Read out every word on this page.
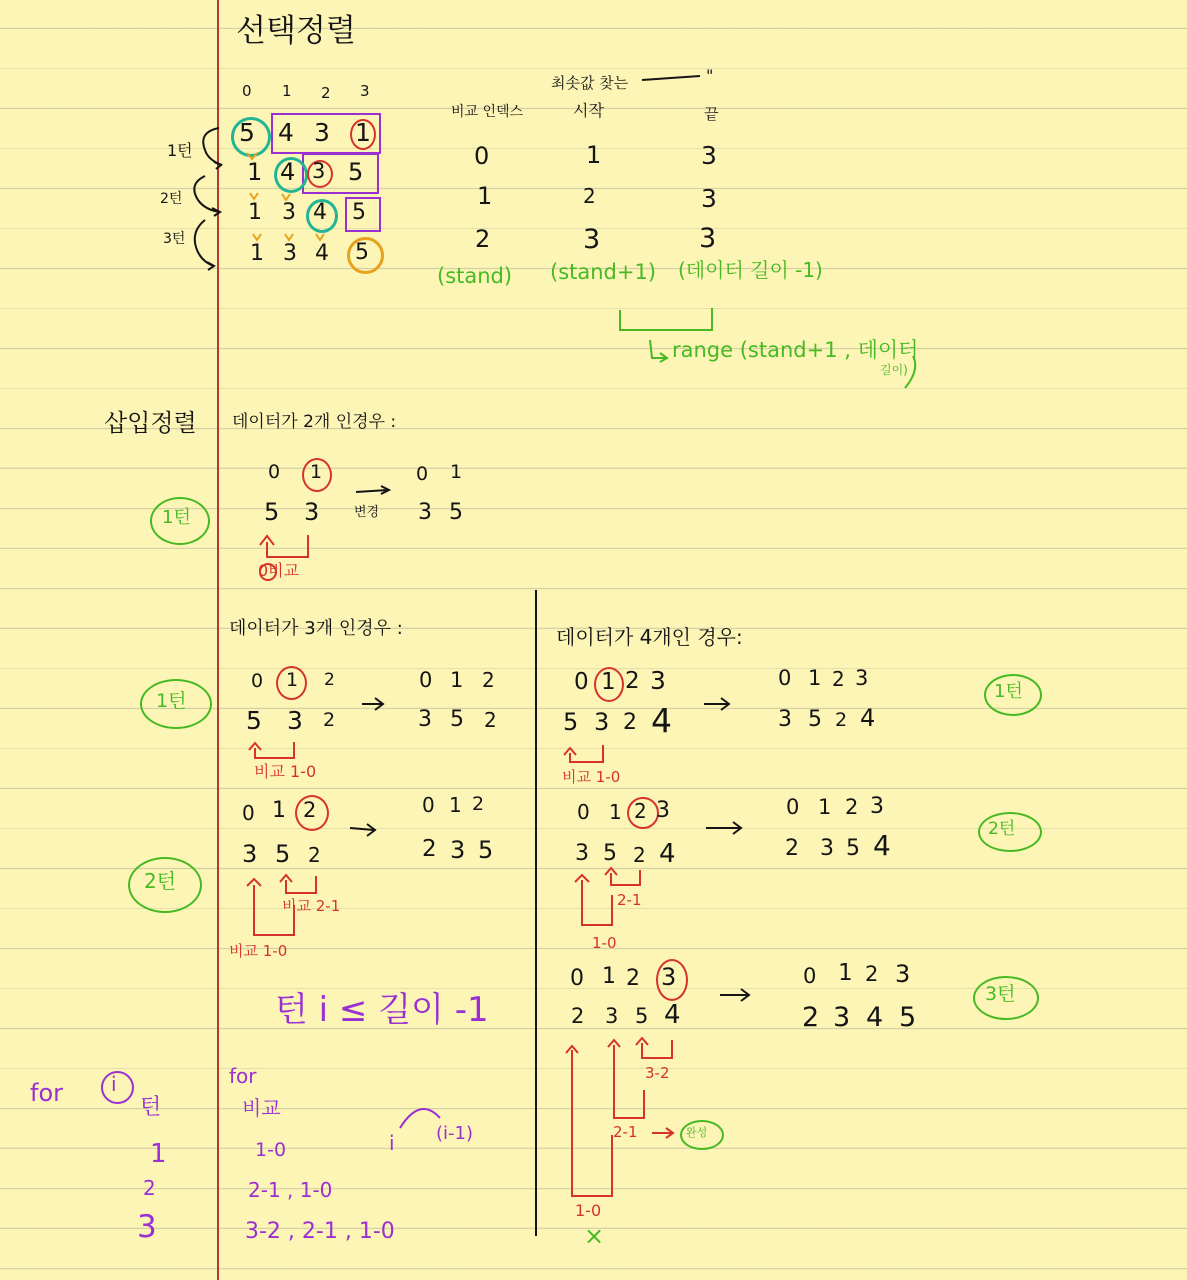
선택정렬
0 1 2 3
5 4 3 1
1 4 3 5
1 3 4 5
1 3 4 5
1턴
2턴
3턴
최솟값 찾는	"
비교 인덱스	시작	끝
0	1	3
1	2	3
2	3	3
(stand) (stand+1) (데이터 길이 -1)
range (stand+1 , 데이터
길이)
삽입정렬 데이터가 2개 인경우 :
0 1
5 3	변경
0 1
3 5
0비교
1턴
데이터가 3개 인경우 :
0 1 2
5 3 2
0 1 2
3 5 2
비교 1-0
0 1 2
3 5 2
0 1 2
2 3 5
비교 2-1
비교 1-0
1턴
2턴
턴 i ≤ 길이 -1
데이터가 4개인 경우:
0 1 2 3
5 3 2 4
0 1 2 3
3 5 2 4
비교 1-0
0 1 2 3
3 5 2 4
0 1 2 3
2 3 5 4
2-1
1-0
0 1 2 3
2 3 5 4
0 1 2 3
2 3 4 5
3-2
2-1	완성
1-0
×
1턴
2턴
3턴
for i
턴
1
2
3
for
비교
1-0
2-1 , 1-0
3-2 , 2-1 , 1-0
i (i-1)
